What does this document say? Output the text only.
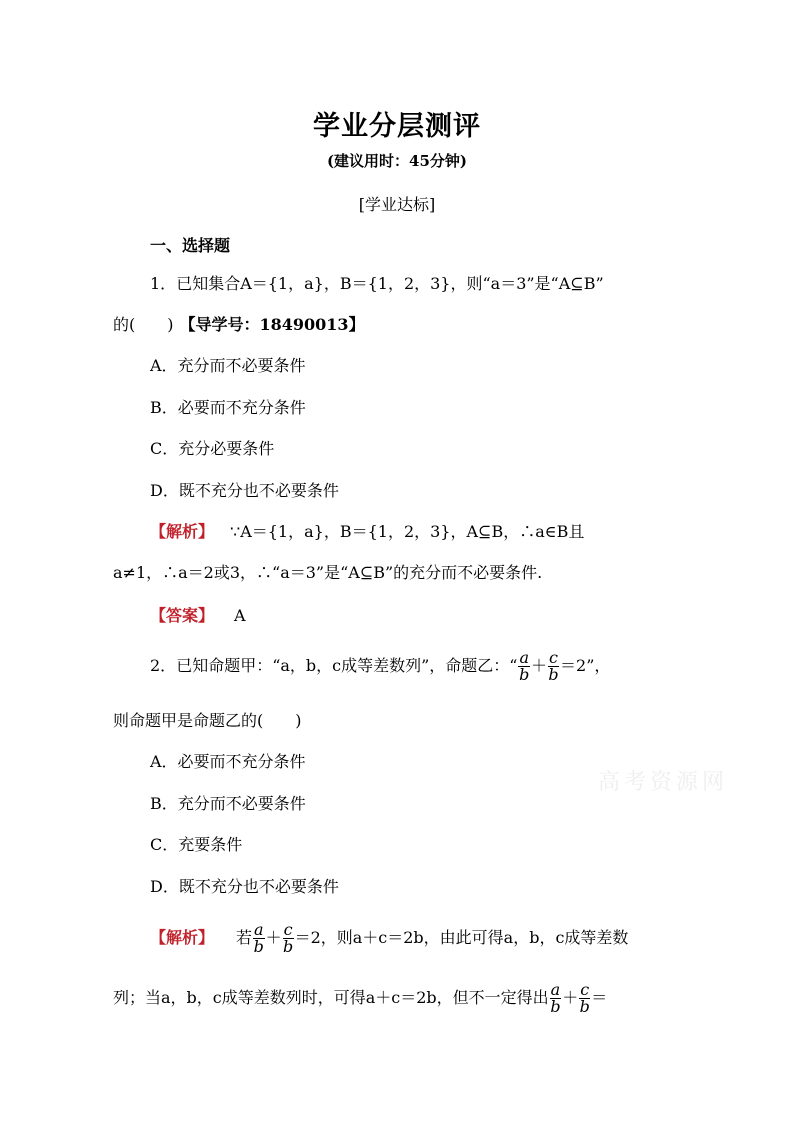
学业分层测评
(建议用时：45分钟)
[学业达标]
一、选择题
1．已知集合A＝{1，a}，B＝{1，2，3}，则“a＝3”是“A⊆B”
的(　　) 【导学号：18490013】
A．充分而不必要条件
B．必要而不充分条件
C．充分必要条件
D．既不充分也不必要条件
【解析】 ∵A＝{1，a}，B＝{1，2，3}，A⊆B，∴a∈B且
a≠1，∴a＝2或3，∴“a＝3”是“A⊆B”的充分而不必要条件.
【答案】 A
2．已知命题甲：“a，b，c成等差数列”，命题乙：“ $\frac{a}{b} + \frac{c}{b} =2$”，
则命题甲是命题乙的(　　)
A．必要而不充分条件
B．充分而不必要条件
C．充要条件
D．既不充分也不必要条件
【解析】 若 $\frac{a}{b} + \frac{c}{b} =2$，则a＋c＝2b，由此可得a，b，c成等差数
列；当a，b，c成等差数列时，可得a＋c＝2b，但不一定得出 $\frac{a}{b} + \frac{c}{b}$ ＝
高考资源网
